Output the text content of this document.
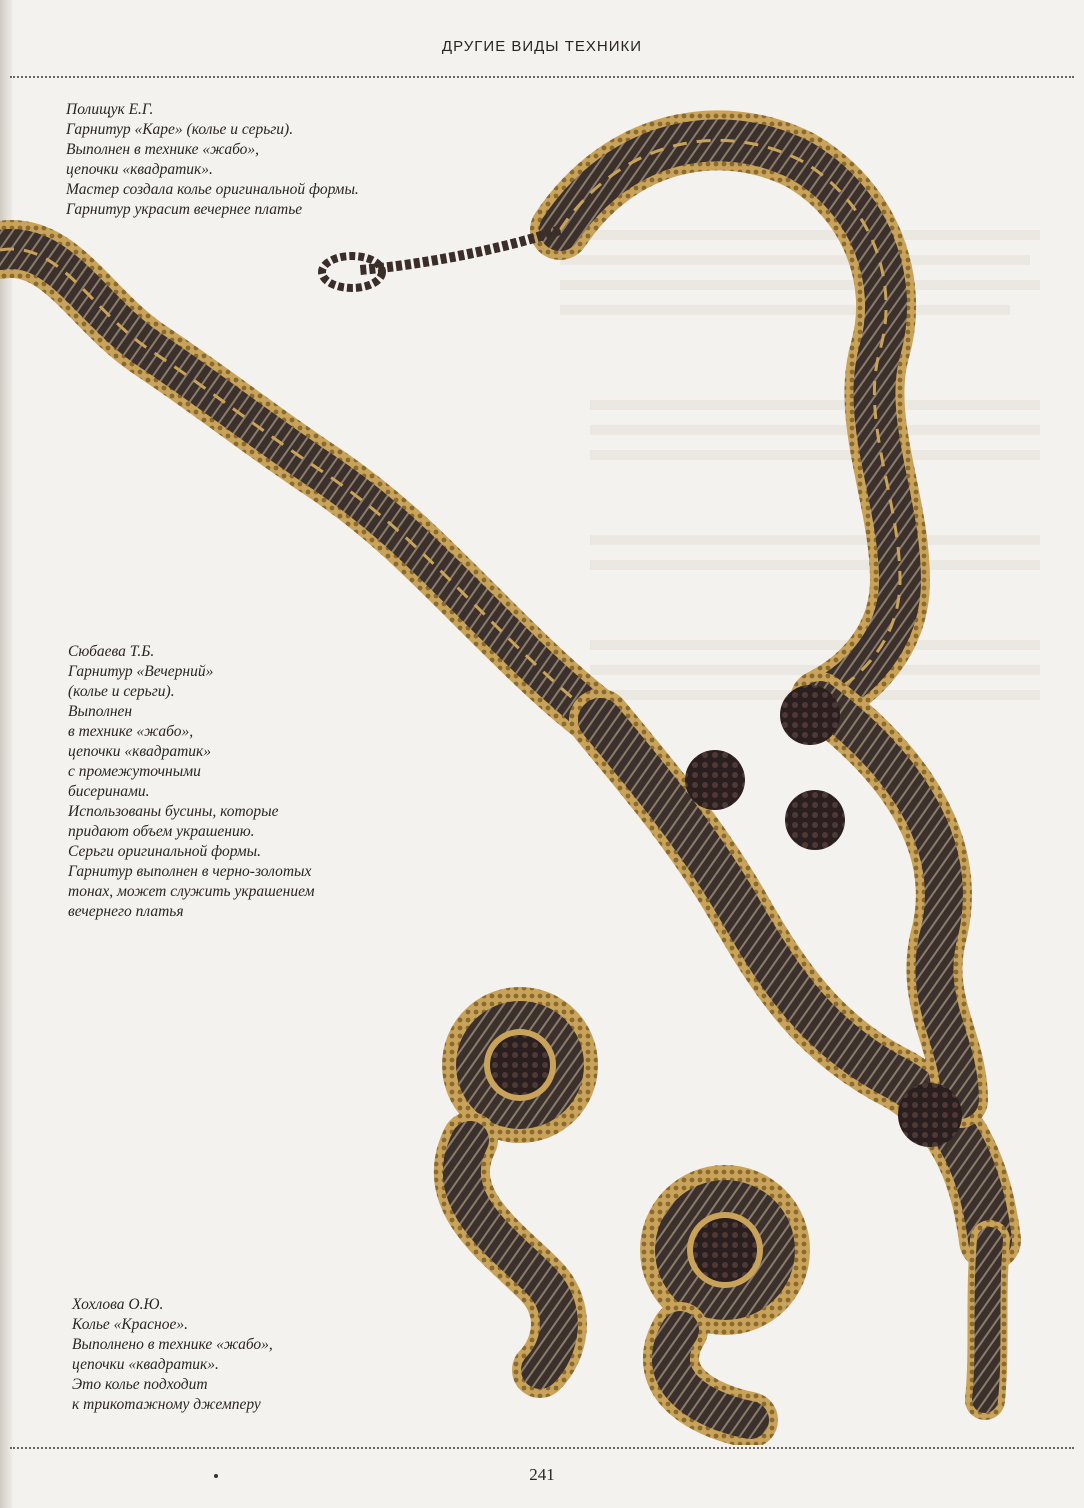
ДРУГИЕ ВИДЫ ТЕХНИКИ
Полищук Е.Г.
Гарнитур «Каре» (колье и серьги).
Выполнен в технике «жабо»,
цепочки «квадратик».
Мастер создала колье оригинальной формы.
Гарнитур украсит вечернее платье
Сюбаева Т.Б.
Гарнитур «Вечерний»
(колье и серьги).
Выполнен
в технике «жабо»,
цепочки «квадратик»
с промежуточными
бисеринами.
Использованы бусины, которые
придают объем украшению.
Серьги оригинальной формы.
Гарнитур выполнен в черно-золотых
тонах, может служить украшением
вечернего платья
Хохлова О.Ю.
Колье «Красное».
Выполнено в технике «жабо»,
цепочки «квадратик».
Это колье подходит
к трикотажному джемперу
241
